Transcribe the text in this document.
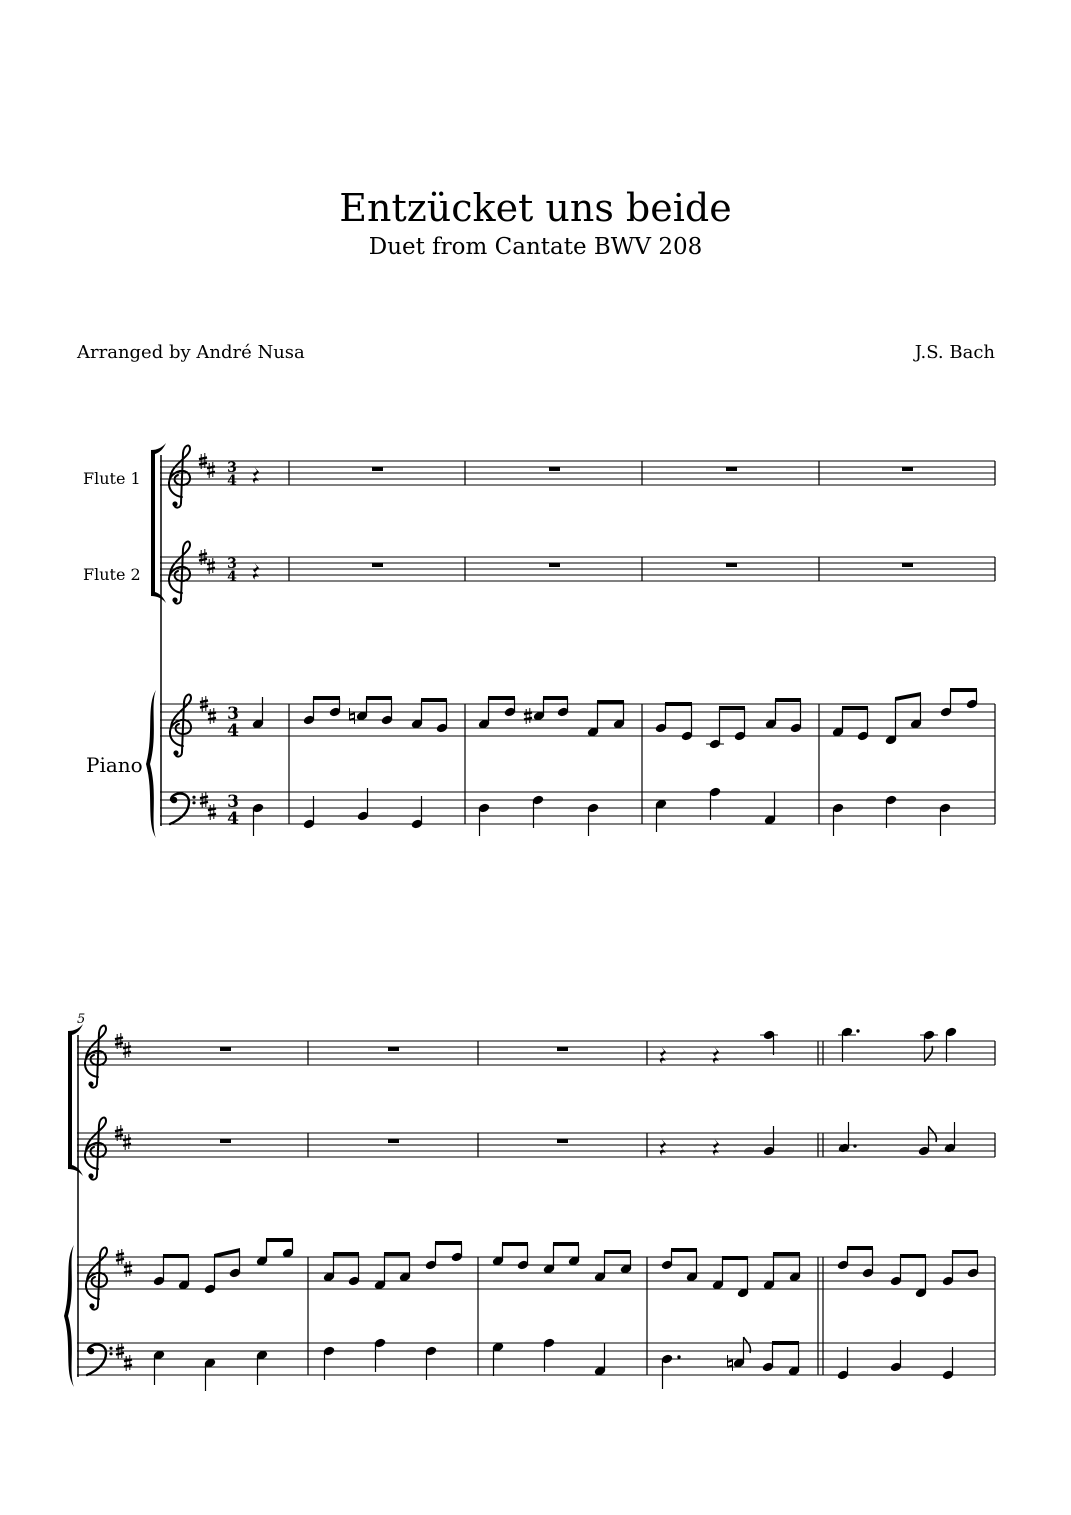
Entzücket uns beide
Duet from Cantate BWV 208
Arranged by André Nusa	J.S. Bach
Flute 1
Flute 2
Piano
3
4
3
4
3
4
3
4
5
